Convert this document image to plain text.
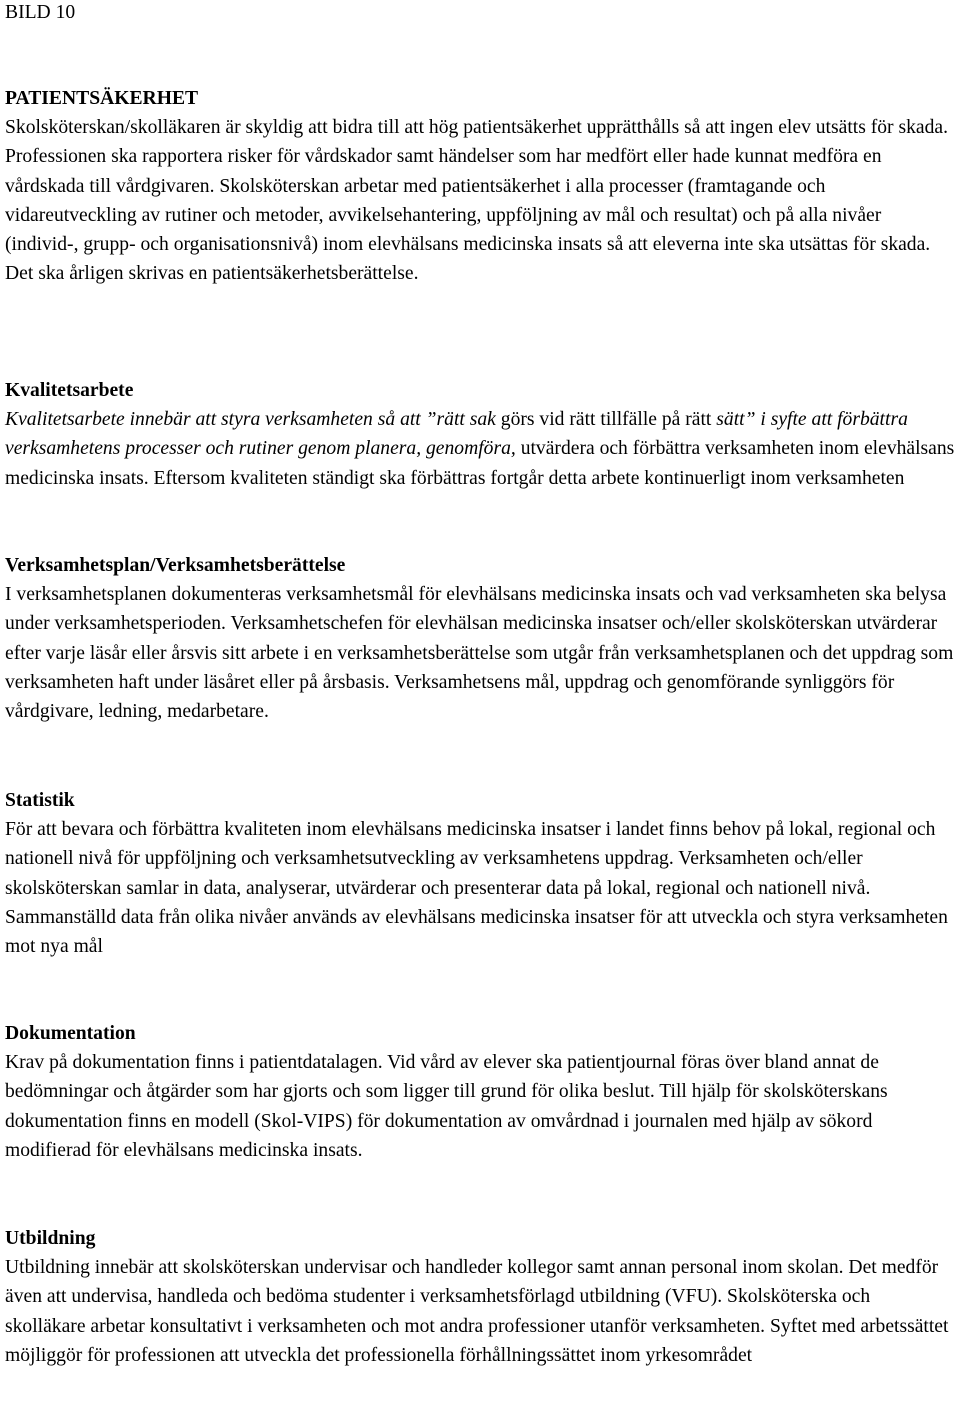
BILD 10
PATIENTSÄKERHET

Skolsköterskan/skolläkaren är skyldig att bidra till att hög patientsäkerhet upprätthålls så att ingen elev utsätts för skada. Professionen ska rapportera risker för vårdskador samt händelser som har medfört eller hade kunnat medföra en vårdskada till vårdgivaren. Skolsköterskan arbetar med patientsäkerhet i alla processer (framtagande och vidareutveckling av rutiner och metoder, avvikelsehantering, uppföljning av mål och resultat) och på alla nivåer (individ-, grupp- och organisationsnivå) inom elevhälsans medicinska insats så att eleverna inte ska utsättas för skada. Det ska årligen skrivas en patientsäkerhetsberättelse.

Kvalitetsarbete

Kvalitetsarbete innebär att styra verksamheten så att ”rätt sak görs vid rätt tillfälle på rätt sätt” i syfte att förbättra verksamhetens processer och rutiner genom planera, genomföra, utvärdera och förbättra verksamheten inom elevhälsans medicinska insats. Eftersom kvaliteten ständigt ska förbättras fortgår detta arbete kontinuerligt inom verksamheten

Verksamhetsplan/Verksamhetsberättelse

I verksamhetsplanen dokumenteras verksamhetsmål för elevhälsans medicinska insats och vad verksamheten ska belysa under verksamhetsperioden. Verksamhetschefen för elevhälsan medicinska insatser och/eller skolsköterskan utvärderar efter varje läsår eller årsvis sitt arbete i en verksamhetsberättelse som utgår från verksamhetsplanen och det uppdrag som verksamheten haft under läsåret eller på årsbasis. Verksamhetsens mål, uppdrag och genomförande synliggörs för vårdgivare, ledning, medarbetare.

Statistik

För att bevara och förbättra kvaliteten inom elevhälsans medicinska insatser i landet finns behov på lokal, regional och nationell nivå för uppföljning och verksamhetsutveckling av verksamhetens uppdrag. Verksamheten och/eller skolsköterskan samlar in data, analyserar, utvärderar och presenterar data på lokal, regional och nationell nivå. Sammanställd data från olika nivåer används av elevhälsans medicinska insatser för att utveckla och styra verksamheten mot nya mål

Dokumentation

Krav på dokumentation finns i patientdatalagen. Vid vård av elever ska patientjournal föras över bland annat de bedömningar och åtgärder som har gjorts och som ligger till grund för olika beslut. Till hjälp för skolsköterskans dokumentation finns en modell (Skol-VIPS) för dokumentation av omvårdnad i journalen med hjälp av sökord modifierad för elevhälsans medicinska insats.

Utbildning

Utbildning innebär att skolsköterskan undervisar och handleder kollegor samt annan personal inom skolan. Det medför även att undervisa, handleda och bedöma studenter i verksamhetsförlagd utbildning (VFU). Skolsköterska och skolläkare arbetar konsultativt i verksamheten och mot andra professioner utanför verksamheten. Syftet med arbetssättet möjliggör för professionen att utveckla det professionella förhållningssättet inom yrkesområdet
